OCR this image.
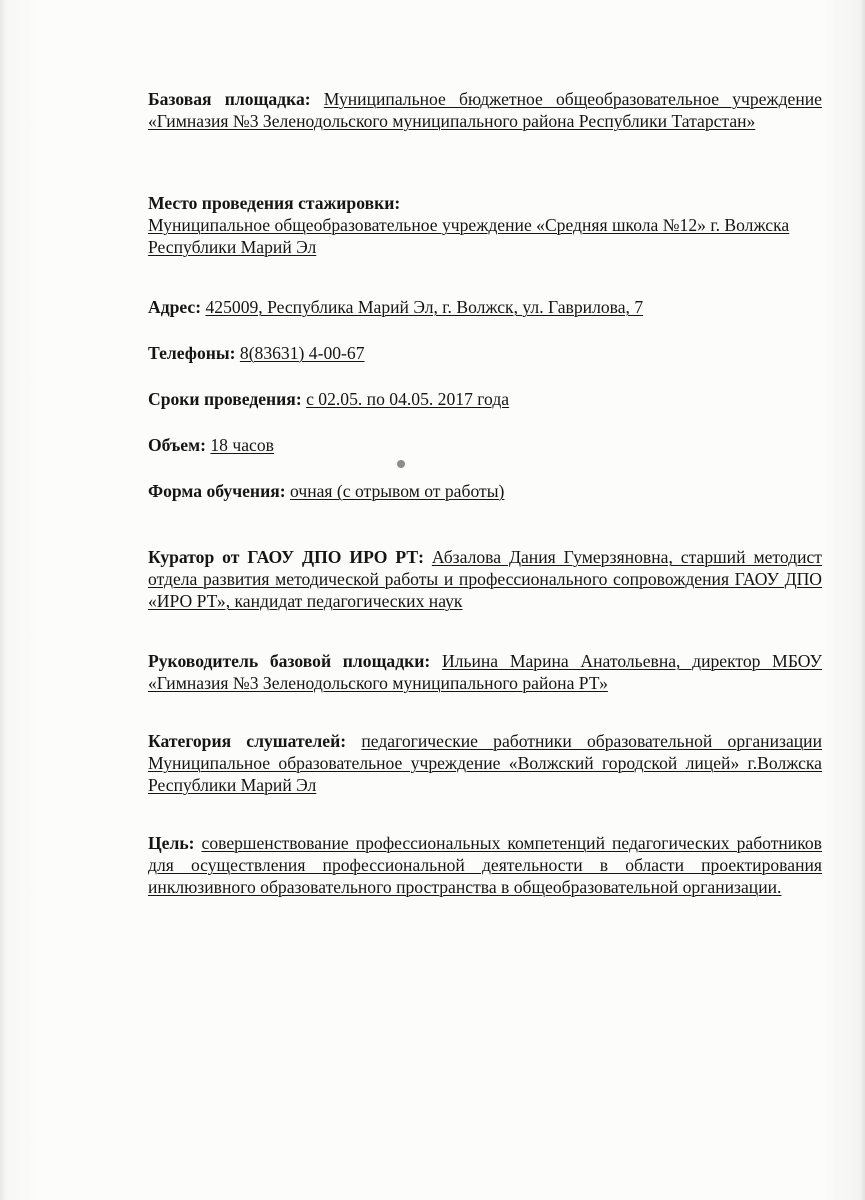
Базовая площадка: Муниципальное бюджетное общеобразовательное учреждение «Гимназия №3 Зеленодольского муниципального района Республики Татарстан»
Место проведения стажировки:
Муниципальное общеобразовательное учреждение «Средняя школа №12» г. Волжска Республики Марий Эл
Адрес: 425009, Республика Марий Эл, г. Волжск, ул. Гаврилова, 7
Телефоны: 8(83631) 4-00-67
Сроки проведения: с 02.05. по 04.05. 2017 года
Объем: 18 часов
Форма обучения: очная (с отрывом от работы)
Куратор от ГАОУ ДПО ИРО РТ: Абзалова Дания Гумерзяновна, старший методист отдела развития методической работы и профессионального сопровождения ГАОУ ДПО «ИРО РТ», кандидат педагогических наук
Руководитель базовой площадки: Ильина Марина Анатольевна, директор МБОУ «Гимназия №3 Зеленодольского муниципального района РТ»
Категория слушателей: педагогические работники образовательной организации Муниципальное образовательное учреждение «Волжский городской лицей» г.Волжска Республики Марий Эл
Цель: совершенствование профессиональных компетенций педагогических работников для осуществления профессиональной деятельности в области проектирования инклюзивного образовательного пространства в общеобразовательной организации.
